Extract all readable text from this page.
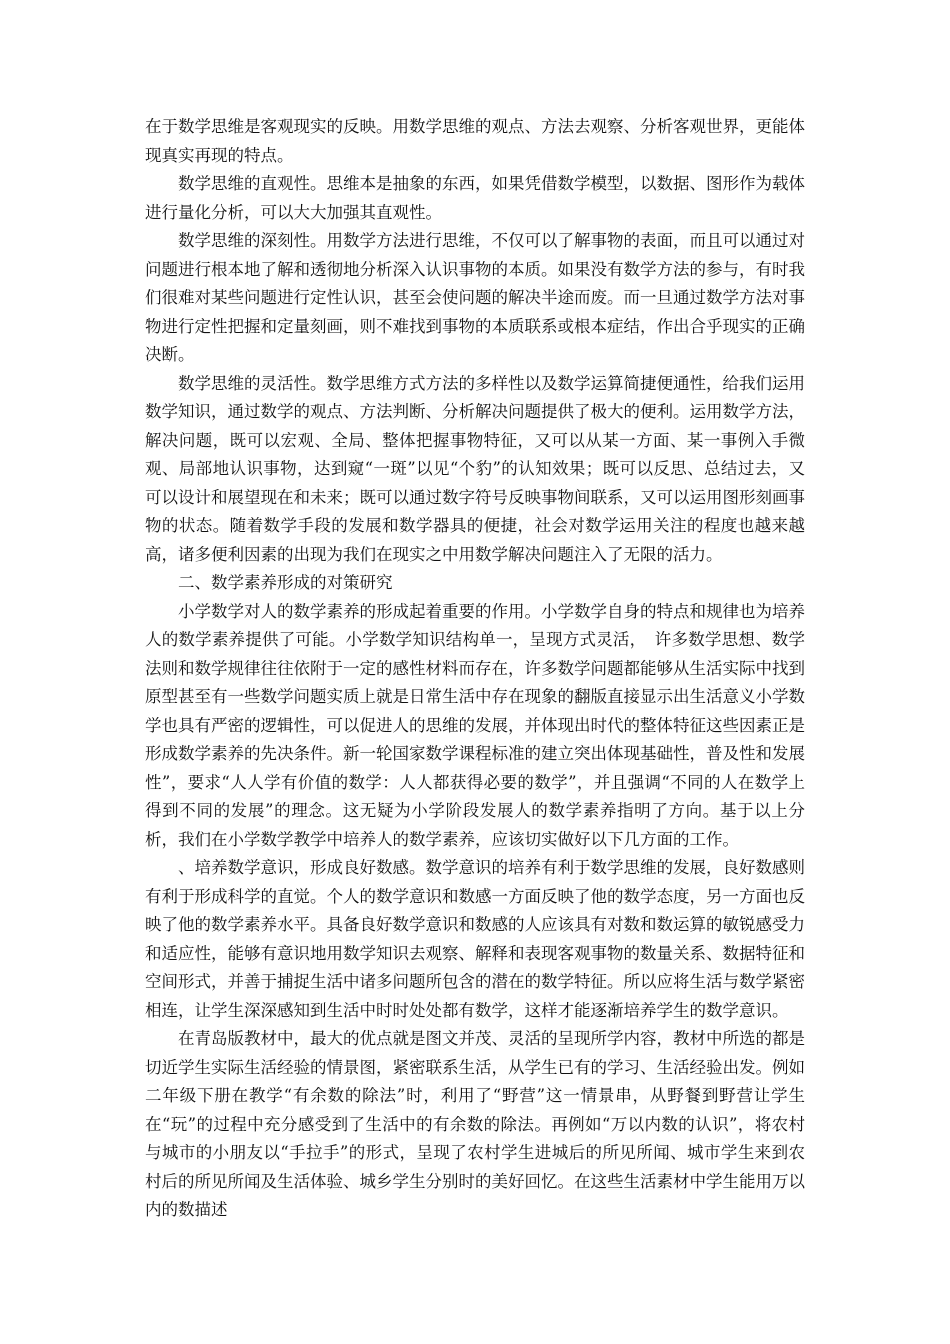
在于数学思维是客观现实的反映。用数学思维的观点、方法去观察、分析客观世界，更能体现真实再现的特点。

数学思维的直观性。思维本是抽象的东西，如果凭借数学模型，以数据、图形作为载体进行量化分析，可以大大加强其直观性。

数学思维的深刻性。用数学方法进行思维，不仅可以了解事物的表面，而且可以通过对问题进行根本地了解和透彻地分析深入认识事物的本质。如果没有数学方法的参与，有时我们很难对某些问题进行定性认识，甚至会使问题的解决半途而废。而一旦通过数学方法对事物进行定性把握和定量刻画，则不难找到事物的本质联系或根本症结，作出合乎现实的正确决断。

数学思维的灵活性。数学思维方式方法的多样性以及数学运算简捷便通性，给我们运用数学知识，通过数学的观点、方法判断、分析解决问题提供了极大的便利。运用数学方法，解决问题，既可以宏观、全局、整体把握事物特征，又可以从某一方面、某一事例入手微观、局部地认识事物，达到窥“一斑”以见“个豹”的认知效果；既可以反思、总结过去，又可以设计和展望现在和未来；既可以通过数字符号反映事物间联系，又可以运用图形刻画事物的状态。随着数学手段的发展和数学器具的便捷，社会对数学运用关注的程度也越来越高，诸多便利因素的出现为我们在现实之中用数学解决问题注入了无限的活力。

二、数学素养形成的对策研究

小学数学对人的数学素养的形成起着重要的作用。小学数学自身的特点和规律也为培养人的数学素养提供了可能。小学数学知识结构单一，呈现方式灵活，　许多数学思想、数学法则和数学规律往往依附于一定的感性材料而存在，许多数学问题都能够从生活实际中找到原型甚至有一些数学问题实质上就是日常生活中存在现象的翻版直接显示出生活意义小学数学也具有严密的逻辑性，可以促进人的思维的发展，并体现出时代的整体特征这些因素正是形成数学素养的先决条件。新一轮国家数学课程标准的建立突出体现基础性，普及性和发展性”，要求“人人学有价值的数学：人人都获得必要的数学”，并且强调“不同的人在数学上得到不同的发展”的理念。这无疑为小学阶段发展人的数学素养指明了方向。基于以上分析，我们在小学数学教学中培养人的数学素养，应该切实做好以下几方面的工作。

、培养数学意识，形成良好数感。数学意识的培养有利于数学思维的发展，良好数感则有利于形成科学的直觉。个人的数学意识和数感一方面反映了他的数学态度，另一方面也反映了他的数学素养水平。具备良好数学意识和数感的人应该具有对数和数运算的敏锐感受力和适应性，能够有意识地用数学知识去观察、解释和表现客观事物的数量关系、数据特征和空间形式，并善于捕捉生活中诸多问题所包含的潜在的数学特征。所以应将生活与数学紧密相连，让学生深深感知到生活中时时处处都有数学，这样才能逐渐培养学生的数学意识。

在青岛版教材中，最大的优点就是图文并茂、灵活的呈现所学内容，教材中所选的都是切近学生实际生活经验的情景图，紧密联系生活，从学生已有的学习、生活经验出发。例如二年级下册在教学“有余数的除法”时，利用了“野营”这一情景串，从野餐到野营让学生在“玩”的过程中充分感受到了生活中的有余数的除法。再例如“万以内数的认识”，将农村与城市的小朋友以“手拉手”的形式，呈现了农村学生进城后的所见所闻、城市学生来到农村后的所见所闻及生活体验、城乡学生分别时的美好回忆。在这些生活素材中学生能用万以内的数描述
